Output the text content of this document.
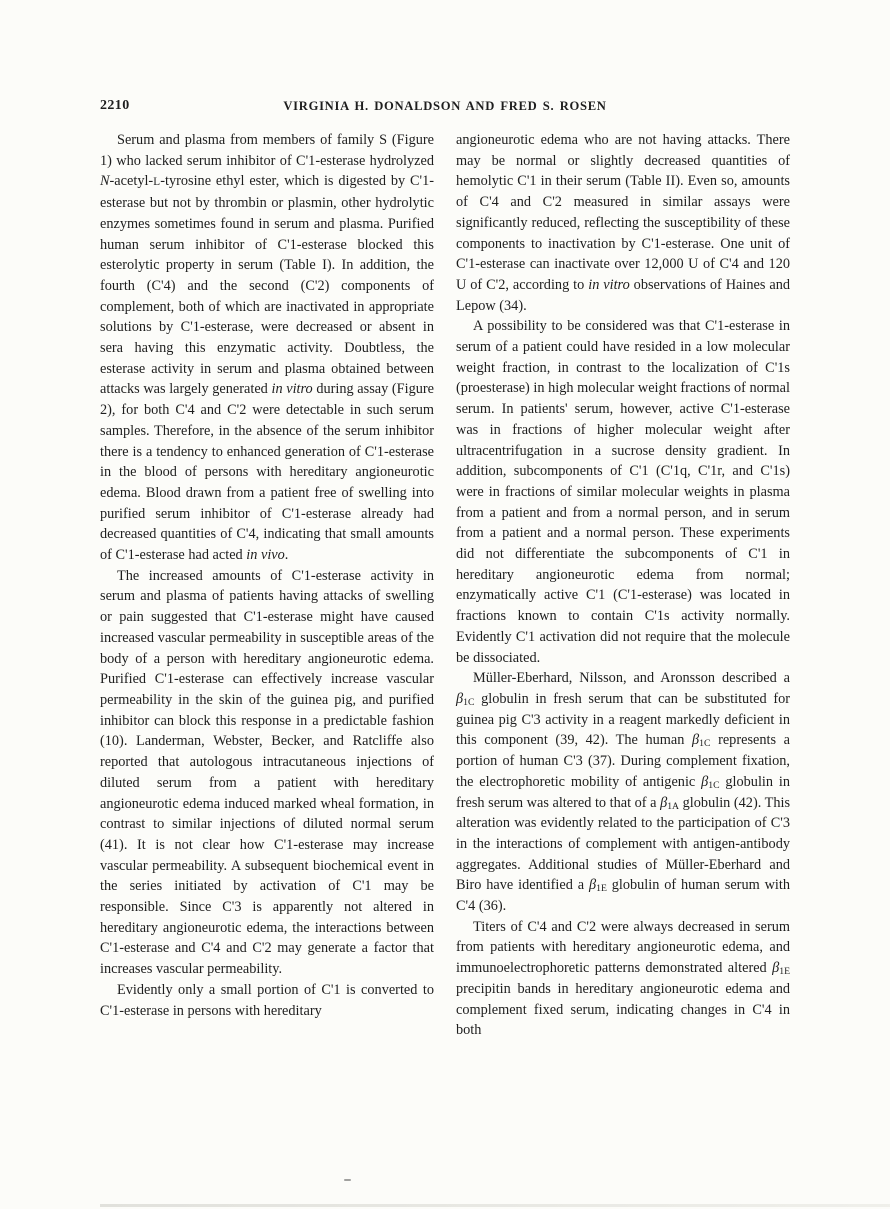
2210	VIRGINIA H. DONALDSON AND FRED S. ROSEN

Serum and plasma from members of family S (Figure 1) who lacked serum inhibitor of C'1-esterase hydrolyzed N-acetyl-L-tyrosine ethyl ester, which is digested by C'1-esterase but not by thrombin or plasmin, other hydrolytic enzymes sometimes found in serum and plasma. Purified human serum inhibitor of C'1-esterase blocked this esterolytic property in serum (Table I). In addition, the fourth (C'4) and the second (C'2) components of complement, both of which are inactivated in appropriate solutions by C'1-esterase, were decreased or absent in sera having this enzymatic activity. Doubtless, the esterase activity in serum and plasma obtained between attacks was largely generated in vitro during assay (Figure 2), for both C'4 and C'2 were detectable in such serum samples. Therefore, in the absence of the serum inhibitor there is a tendency to enhanced generation of C'1-esterase in the blood of persons with hereditary angioneurotic edema. Blood drawn from a patient free of swelling into purified serum inhibitor of C'1-esterase already had decreased quantities of C'4, indicating that small amounts of C'1-esterase had acted in vivo.

The increased amounts of C'1-esterase activity in serum and plasma of patients having attacks of swelling or pain suggested that C'1-esterase might have caused increased vascular permeability in susceptible areas of the body of a person with hereditary angioneurotic edema. Purified C'1-esterase can effectively increase vascular permeability in the skin of the guinea pig, and purified inhibitor can block this response in a predictable fashion (10). Landerman, Webster, Becker, and Ratcliffe also reported that autologous intracutaneous injections of diluted serum from a patient with hereditary angioneurotic edema induced marked wheal formation, in contrast to similar injections of diluted normal serum (41). It is not clear how C'1-esterase may increase vascular permeability. A subsequent biochemical event in the series initiated by activation of C'1 may be responsible. Since C'3 is apparently not altered in hereditary angioneurotic edema, the interactions between C'1-esterase and C'4 and C'2 may generate a factor that increases vascular permeability.

Evidently only a small portion of C'1 is converted to C'1-esterase in persons with hereditary

angioneurotic edema who are not having attacks. There may be normal or slightly decreased quantities of hemolytic C'1 in their serum (Table II). Even so, amounts of C'4 and C'2 measured in similar assays were significantly reduced, reflecting the susceptibility of these components to inactivation by C'1-esterase. One unit of C'1-esterase can inactivate over 12,000 U of C'4 and 120 U of C'2, according to in vitro observations of Haines and Lepow (34).

A possibility to be considered was that C'1-esterase in serum of a patient could have resided in a low molecular weight fraction, in contrast to the localization of C'1s (proesterase) in high molecular weight fractions of normal serum. In patients' serum, however, active C'1-esterase was in fractions of higher molecular weight after ultracentrifugation in a sucrose density gradient. In addition, subcomponents of C'1 (C'1q, C'1r, and C'1s) were in fractions of similar molecular weights in plasma from a patient and from a normal person, and in serum from a patient and a normal person. These experiments did not differentiate the subcomponents of C'1 in hereditary angioneurotic edema from normal; enzymatically active C'1 (C'1-esterase) was located in fractions known to contain C'1s activity normally. Evidently C'1 activation did not require that the molecule be dissociated.

Müller-Eberhard, Nilsson, and Aronsson described a $\beta_{1C}$ globulin in fresh serum that can be substituted for guinea pig C'3 activity in a reagent markedly deficient in this component (39, 42). The human $\beta_{1C}$ represents a portion of human C'3 (37). During complement fixation, the electrophoretic mobility of antigenic $\beta_{1C}$ globulin in fresh serum was altered to that of a $\beta_{1A}$ globulin (42). This alteration was evidently related to the participation of C'3 in the interactions of complement with antigen-antibody aggregates. Additional studies of Müller-Eberhard and Biro have identified a $\beta_{1E}$ globulin of human serum with C'4 (36).

Titers of C'4 and C'2 were always decreased in serum from patients with hereditary angioneurotic edema, and immunoelectrophoretic patterns demonstrated altered $\beta_{1E}$ precipitin bands in hereditary angioneurotic edema and complement fixed serum, indicating changes in C'4 in both
